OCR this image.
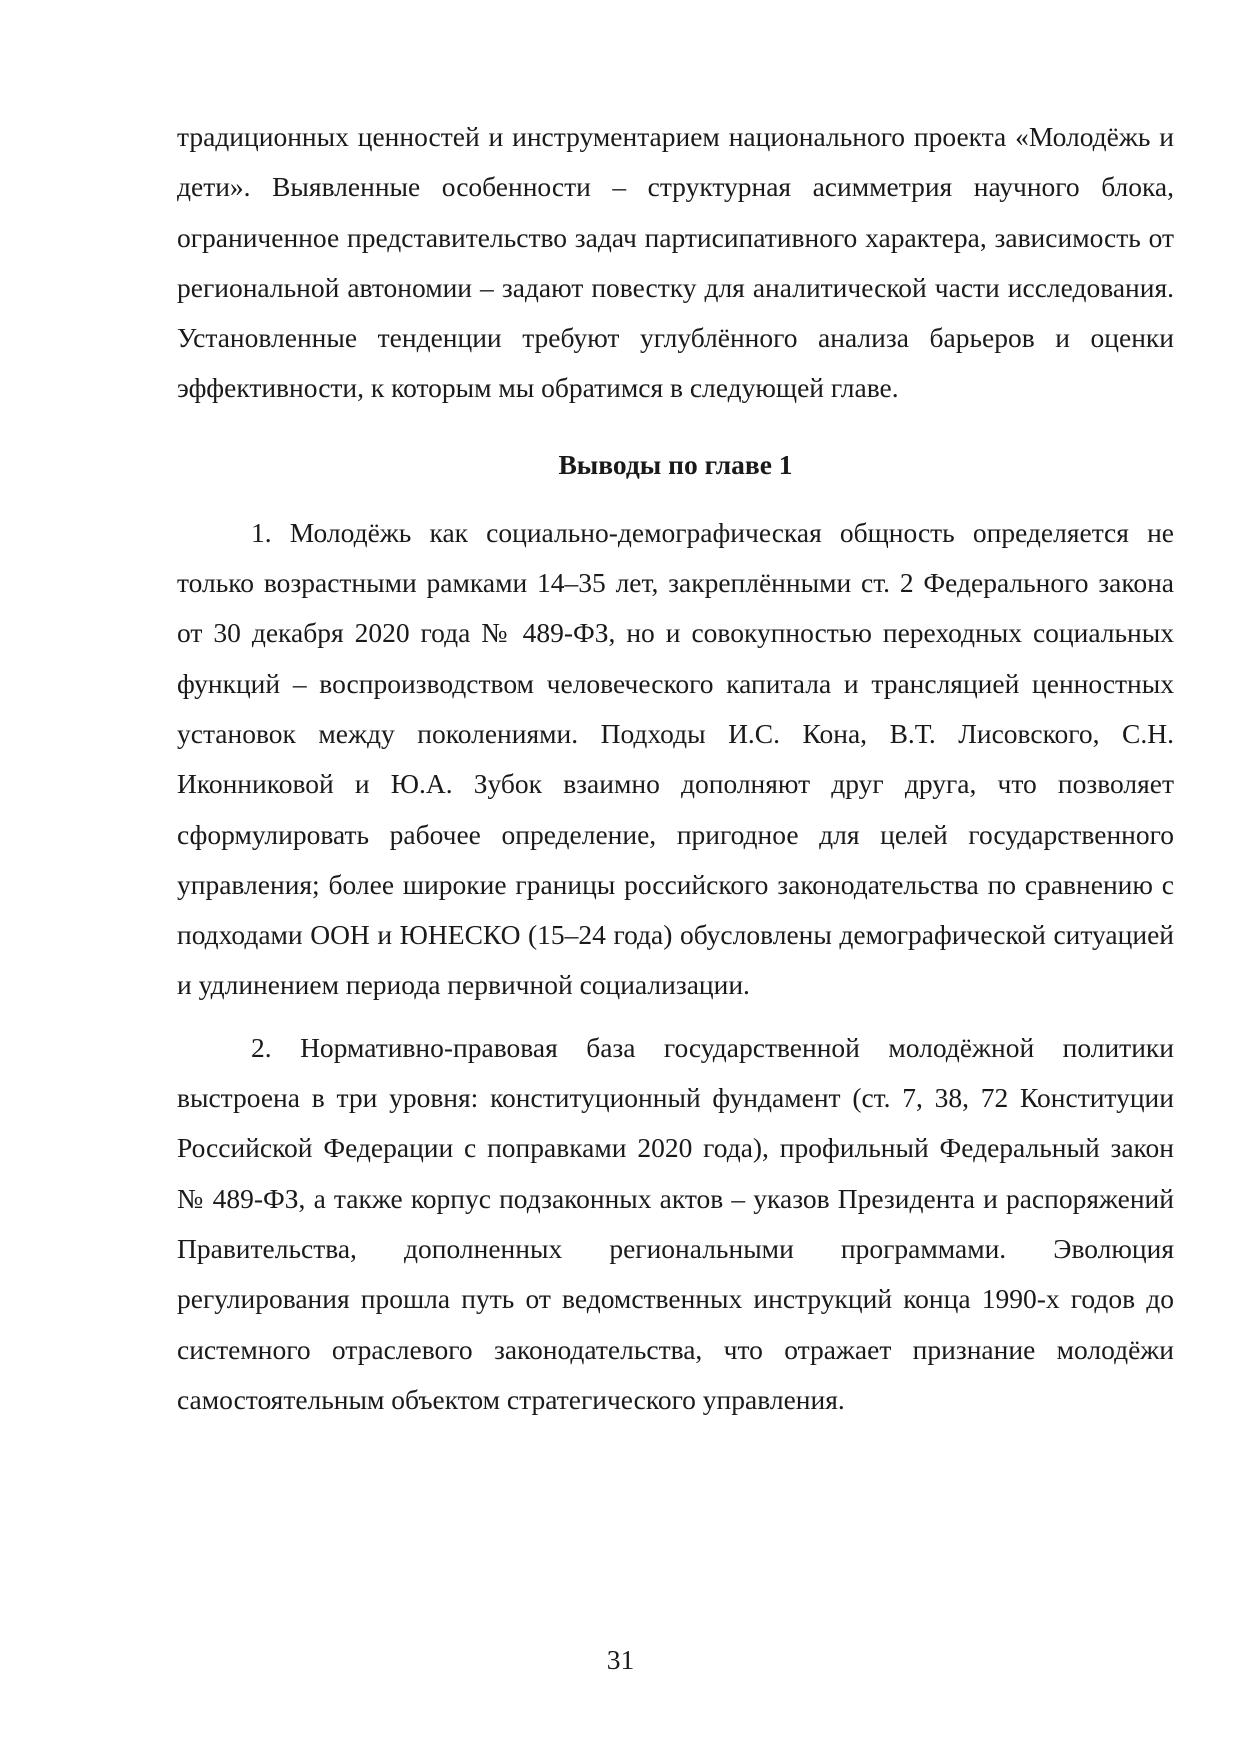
традиционных ценностей и инструментарием национального проекта «Молодёжь и дети». Выявленные особенности – структурная асимметрия научного блока, ограниченное представительство задач партисипативного характера, зависимость от региональной автономии – задают повестку для аналитической части исследования. Установленные тенденции требуют углублённого анализа барьеров и оценки эффективности, к которым мы обратимся в следующей главе.

Выводы по главе 1

1. Молодёжь как социально-демографическая общность определяется не только возрастными рамками 14–35 лет, закреплёнными ст. 2 Федерального закона от 30 декабря 2020 года № 489-ФЗ, но и совокупностью переходных социальных функций – воспроизводством человеческого капитала и трансляцией ценностных установок между поколениями. Подходы И.С. Кона, В.Т. Лисовского, С.Н. Иконниковой и Ю.А. Зубок взаимно дополняют друг друга, что позволяет сформулировать рабочее определение, пригодное для целей государственного управления; более широкие границы российского законодательства по сравнению с подходами ООН и ЮНЕСКО (15–24 года) обусловлены демографической ситуацией и удлинением периода первичной социализации.

2. Нормативно-правовая база государственной молодёжной политики выстроена в три уровня: конституционный фундамент (ст. 7, 38, 72 Конституции Российской Федерации с поправками 2020 года), профильный Федеральный закон № 489-ФЗ, а также корпус подзаконных актов – указов Президента и распоряжений Правительства, дополненных региональными программами. Эволюция регулирования прошла путь от ведомственных инструкций конца 1990-х годов до системного отраслевого законодательства, что отражает признание молодёжи самостоятельным объектом стратегического управления.

31
